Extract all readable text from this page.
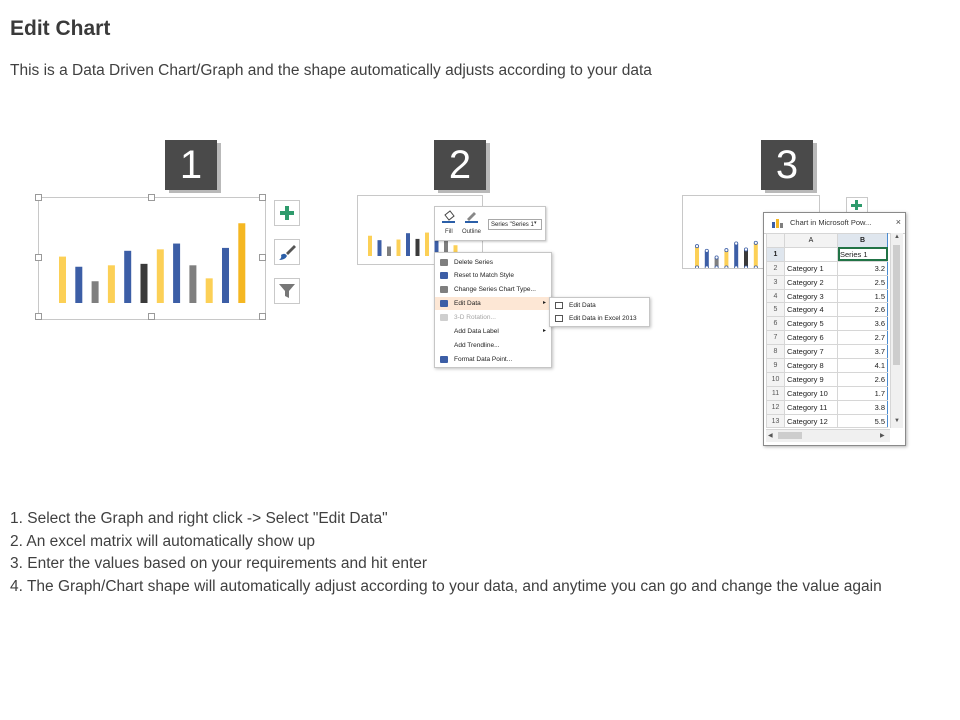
Edit Chart
This is a Data Driven Chart/Graph and the shape automatically adjusts according to your data
1	2	3
Fill Outline
Series "Series 1 ▾
Delete Series
Reset to Match Style
Change Series Chart Type...
Edit Data	▸
3-D Rotation...
Add Data Label	▸
Add Trendline...
Format Data Point...
Edit Data
Edit Data in Excel 2013
Chart in Microsoft Pow...	×
	A	B
1		Series 1
2	Category 1	3.2
3	Category 2	2.5
4	Category 3	1.5
5	Category 4	2.6
6	Category 5	3.6
7	Category 6	2.7
8	Category 7	3.7
9	Category 8	4.1
10	Category 9	2.6
11	Category 10	1.7
12	Category 11	3.8
13	Category 12	5.5
▲
▼
◀	▶
1. Select the Graph and right click -> Select "Edit Data"
2. An excel matrix will automatically show up
3. Enter the values based on your requirements and hit enter
4. The Graph/Chart shape will automatically adjust according to your data, and anytime you can go and change the value again
